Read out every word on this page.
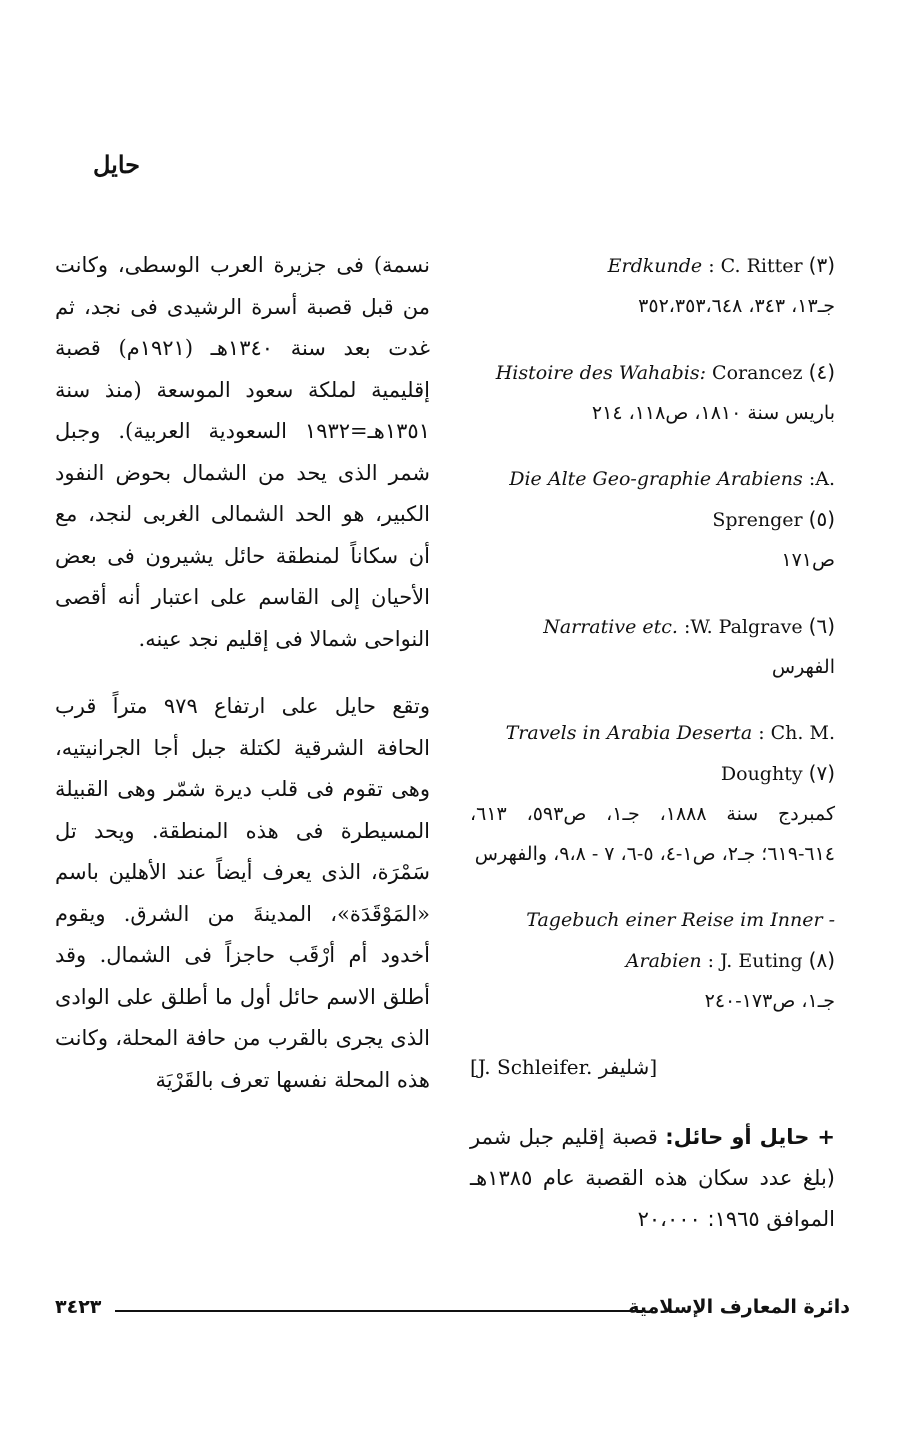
حايل

نسمة) فى جزيرة العرب الوسطى، وكانت من قبل قصبة أسرة الرشيدى فى نجد، ثم غدت بعد سنة ١٣٤٠هـ (١٩٢١م) قصبة إقليمية لملكة سعود الموسعة (منذ سنة ١٣٥١هـ=١٩٣٢ السعودية العربية). وجبل شمر الذى يحد من الشمال بحوض النفود الكبير، هو الحد الشمالى الغربى لنجد، مع أن سكاناً لمنطقة حائل يشيرون فى بعض الأحيان إلى القاسم على اعتبار أنه أقصى النواحى شمالا فى إقليم نجد عينه.

وتقع حايل على ارتفاع ٩٧٩ متراً قرب الحافة الشرقية لكتلة جبل أجا الجرانيتيه، وهى تقوم فى قلب ديرة شمّر وهى القبيلة المسيطرة فى هذه المنطقة. ويحد تل سَمْرَة، الذى يعرف أيضاً عند الأهلين باسم «المَوْقَدَة»، المدينةَ من الشرق. ويقوم أخدود أم أرْقَب حاجزاً فى الشمال. وقد أطلق الاسم حائل أول ما أطلق على الوادى الذى يجرى بالقرب من حافة المحلة، وكانت هذه المحلة نفسها تعرف بالقَرْيَة

Erdkunde : C. Ritter (٣)
جـ١٣، ٣٤٣، ٣٥٢،٣٥٣،٦٤٨
Histoire des Wahabis: Corancez (٤)
باريس سنة ١٨١٠، ص١١٨، ٢١٤
Die Alte Geo-graphie Arabiens :A. Sprenger (٥)
ص١٧١
Narrative etc. :W. Palgrave (٦)
الفهرس
Travels in Arabia Deserta : Ch. M. Doughty (٧)
كمبردج سنة ١٨٨٨، جـ١، ص٥٩٣، ٦١٣، ٦١٤-٦١٩؛ جـ٢، ص١-٤، ٥-٦، ٧ - ٩،٨، والفهرس
Tagebuch einer Reise im Inner - Arabien : J. Euting (٨)
جـ١، ص١٧٣-٢٤٠
[J. Schleifer. شليفر]

+ حايل أو حائل: قصبة إقليم جبل شمر (بلغ عدد سكان هذه القصبة عام ١٣٨٥هـ الموافق ١٩٦٥: ٢٠،٠٠٠

٣٤٢٣	دائرة المعارف الإسلامية
